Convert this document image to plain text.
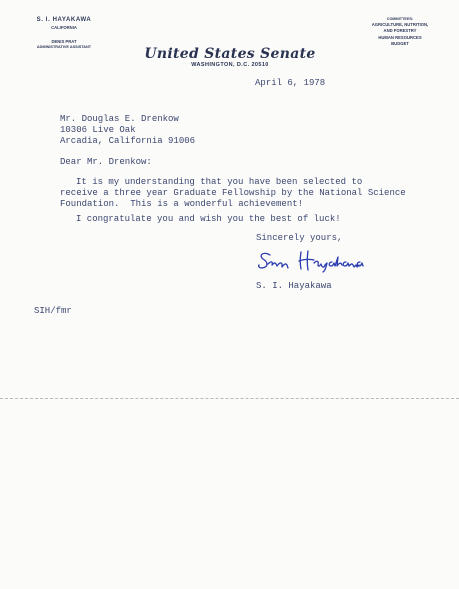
S. I. HAYAKAWA
CALIFORNIA
DENIS PRAT
ADMINISTRATIVE ASSISTANT
COMMITTEES:
AGRICULTURE, NUTRITION,
AND FORESTRY
HUMAN RESOURCES
BUDGET
United States Senate
WASHINGTON, D.C. 20510
April 6, 1978
Mr. Douglas E. Drenkow
10306 Live Oak
Arcadia, California 91006
Dear Mr. Drenkow:
It is my understanding that you have been selected to
receive a three year Graduate Fellowship by the National Science
Foundation.  This is a wonderful achievement!
I congratulate you and wish you the best of luck!
Sincerely yours,
S. I. Hayakawa
SIH/fmr
